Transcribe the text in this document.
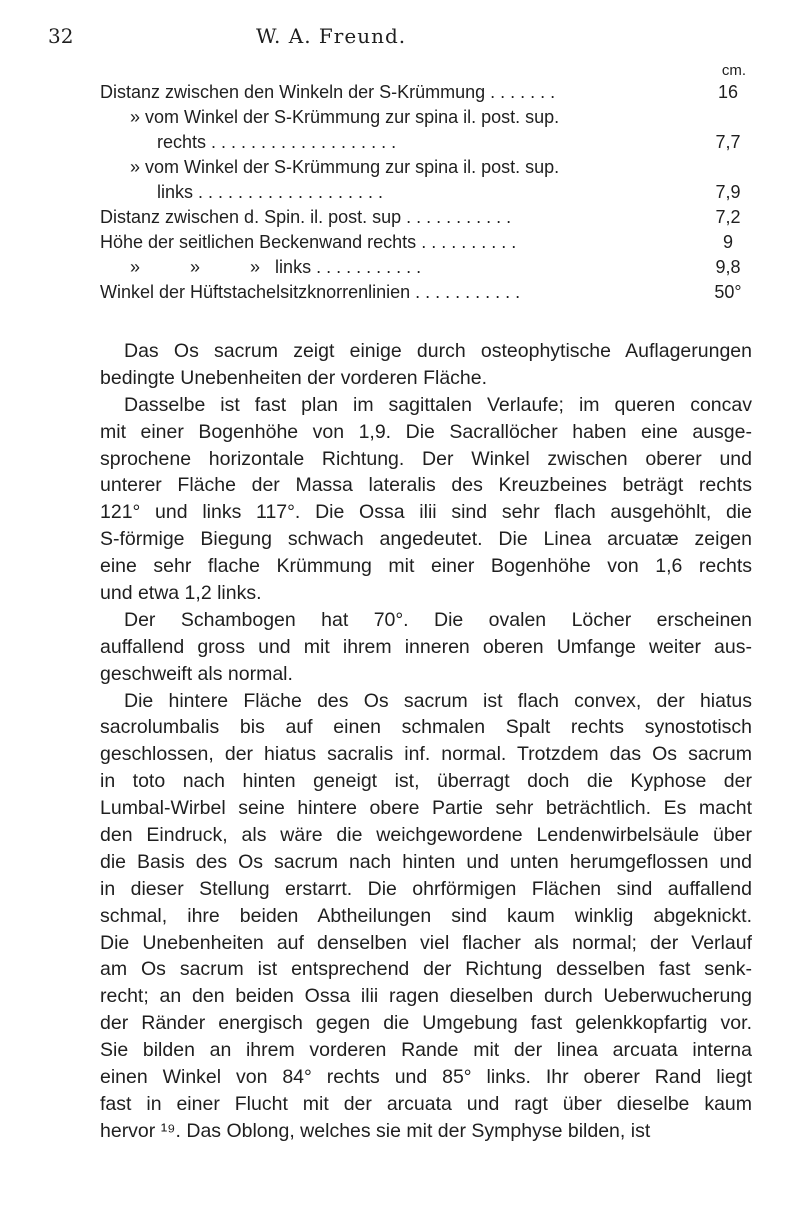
32	W. A. Freund.
cm.
Distanz zwischen den Winkeln der S-Krümmung . . . . . . .	16
» vom Winkel der S-Krümmung zur spina il. post. sup.
rechts . . . . . . . . . . . . . . . . . . .	7,7
» vom Winkel der S-Krümmung zur spina il. post. sup.
links . . . . . . . . . . . . . . . . . . .	7,9
Distanz zwischen d. Spin. il. post. sup . . . . . . . . . . .	7,2
Höhe der seitlichen Beckenwand rechts . . . . . . . . . .	9
»          »          »   links . . . . . . . . . . .	9,8
Winkel der Hüftstachelsitzknorrenlinien . . . . . . . . . . .	50°
Das Os sacrum zeigt einige durch osteophytische Auflagerungen
bedingte Unebenheiten der vorderen Fläche.
Dasselbe ist fast plan im sagittalen Verlaufe; im queren concav
mit einer Bogenhöhe von 1,9. Die Sacrallöcher haben eine ausge-
sprochene horizontale Richtung. Der Winkel zwischen oberer und
unterer Fläche der Massa lateralis des Kreuzbeines beträgt rechts
121° und links 117°. Die Ossa ilii sind sehr flach ausgehöhlt, die
S-förmige Biegung schwach angedeutet. Die Linea arcuatæ zeigen
eine sehr flache Krümmung mit einer Bogenhöhe von 1,6 rechts
und etwa 1,2 links.
Der Schambogen hat 70°. Die ovalen Löcher erscheinen
auffallend gross und mit ihrem inneren oberen Umfange weiter aus-
geschweift als normal.
Die hintere Fläche des Os sacrum ist flach convex, der hiatus
sacrolumbalis bis auf einen schmalen Spalt rechts synostotisch
geschlossen, der hiatus sacralis inf. normal. Trotzdem das Os sacrum
in toto nach hinten geneigt ist, überragt doch die Kyphose der
Lumbal-Wirbel seine hintere obere Partie sehr beträchtlich. Es macht
den Eindruck, als wäre die weichgewordene Lendenwirbelsäule über
die Basis des Os sacrum nach hinten und unten herumgeflossen und
in dieser Stellung erstarrt. Die ohrförmigen Flächen sind auffallend
schmal, ihre beiden Abtheilungen sind kaum winklig abgeknickt.
Die Unebenheiten auf denselben viel flacher als normal; der Verlauf
am Os sacrum ist entsprechend der Richtung desselben fast senk-
recht; an den beiden Ossa ilii ragen dieselben durch Ueberwucherung
der Ränder energisch gegen die Umgebung fast gelenkkopfartig vor.
Sie bilden an ihrem vorderen Rande mit der linea arcuata interna
einen Winkel von 84° rechts und 85° links. Ihr oberer Rand liegt
fast in einer Flucht mit der arcuata und ragt über dieselbe kaum
hervor ¹⁹. Das Oblong, welches sie mit der Symphyse bilden, ist
